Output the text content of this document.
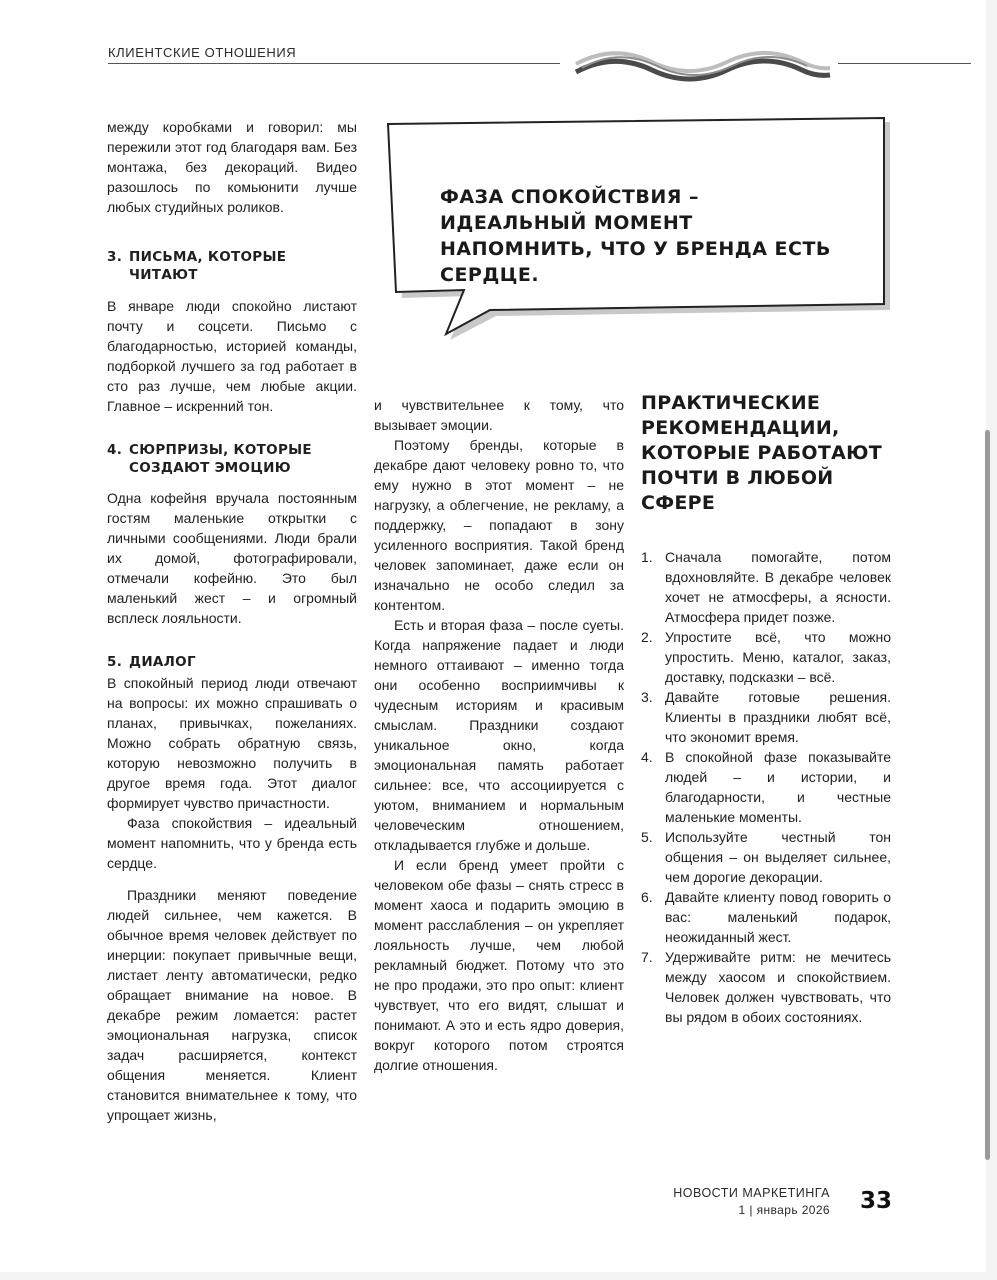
КЛИЕНТСКИЕ ОТНОШЕНИЯ
ФАЗА СПОКОЙСТВИЯ – ИДЕАЛЬНЫЙ МОМЕНТ НАПОМНИТЬ, ЧТО У БРЕНДА ЕСТЬ СЕРДЦЕ.

между коробками и говорил: мы пережили этот год благодаря вам. Без монтажа, без декораций. Видео разошлось по комьюнити лучше любых студийных роликов.

3. ПИСЬМА, КОТОРЫЕ ЧИТАЮТ

В январе люди спокойно листают почту и соцсети. Письмо с благодарностью, историей команды, подборкой лучшего за год работает в сто раз лучше, чем любые акции. Главное – искренний тон.

4. СЮРПРИЗЫ, КОТОРЫЕ СОЗДАЮТ ЭМОЦИЮ

Одна кофейня вручала постоянным гостям маленькие открытки с личными сообщениями. Люди брали их домой, фотографировали, отмечали кофейню. Это был маленький жест – и огромный всплеск лояльности.

5. ДИАЛОГ

В спокойный период люди отвечают на вопросы: их можно спрашивать о планах, привычках, пожеланиях. Можно собрать обратную связь, которую невозможно получить в другое время года. Этот диалог формирует чувство причастности.

Фаза спокойствия – идеальный момент напомнить, что у бренда есть сердце.

Праздники меняют поведение людей сильнее, чем кажется. В обычное время человек действует по инерции: покупает привычные вещи, листает ленту автоматически, редко обращает внимание на новое. В декабре режим ломается: растет эмоциональная нагрузка, список задач расширяется, контекст общения меняется. Клиент становится внимательнее к тому, что упрощает жизнь,

и чувствительнее к тому, что вызывает эмоции.

Поэтому бренды, которые в декабре дают человеку ровно то, что ему нужно в этот момент – не нагрузку, а облегчение, не рекламу, а поддержку, – попадают в зону усиленного восприятия. Такой бренд человек запоминает, даже если он изначально не особо следил за контентом.

Есть и вторая фаза – после суеты. Когда напряжение падает и люди немного оттаивают – именно тогда они особенно восприимчивы к чудесным историям и красивым смыслам. Праздники создают уникальное окно, когда эмоциональная память работает сильнее: все, что ассоциируется с уютом, вниманием и нормальным человеческим отношением, откладывается глубже и дольше.

И если бренд умеет пройти с человеком обе фазы – снять стресс в момент хаоса и подарить эмоцию в момент расслабления – он укрепляет лояльность лучше, чем любой рекламный бюджет. Потому что это не про продажи, это про опыт: клиент чувствует, что его видят, слышат и понимают. А это и есть ядро доверия, вокруг которого потом строятся долгие отношения.

ПРАКТИЧЕСКИЕ РЕКОМЕНДАЦИИ, КОТОРЫЕ РАБОТАЮТ ПОЧТИ В ЛЮБОЙ СФЕРЕ
1. Сначала помогайте, потом вдохновляйте. В декабре человек хочет не атмосферы, а ясности. Атмосфера придет позже.
2. Упростите всё, что можно упростить. Меню, каталог, заказ, доставку, подсказки – всё.
3. Давайте готовые решения. Клиенты в праздники любят всё, что экономит время.
4. В спокойной фазе показывайте людей – и истории, и благодарности, и честные маленькие моменты.
5. Используйте честный тон общения – он выделяет сильнее, чем дорогие декорации.
6. Давайте клиенту повод говорить о вас: маленький подарок, неожиданный жест.
7. Удерживайте ритм: не мечитесь между хаосом и спокойствием. Человек должен чувствовать, что вы рядом в обоих состояниях.
НОВОСТИ МАРКЕТИНГА
1 | январь 2026	33
